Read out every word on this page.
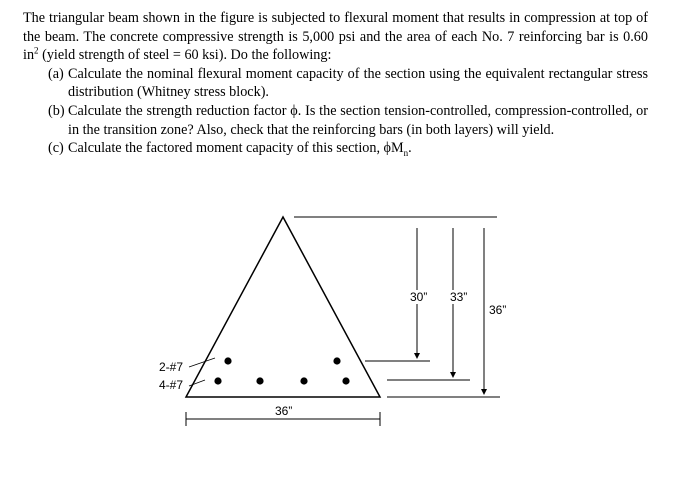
The triangular beam shown in the figure is subjected to flexural moment that results in compression at top of the beam. The concrete compressive strength is 5,000 psi and the area of each No. 7 reinforcing bar is 0.60 $in^2$ (yield strength of steel = 60 ksi). Do the following:

(a) Calculate the nominal flexural moment capacity of the section using the equivalent rectangular stress distribution (Whitney stress block).
(b) Calculate the strength reduction factor ϕ. Is the section tension-controlled, compression-controlled, or in the transition zone? Also, check that the reinforcing bars (in both layers) will yield.
(c) Calculate the factored moment capacity of this section, $\phi M_n$.
2-#7
4-#7
30” 33”
36”
36”
